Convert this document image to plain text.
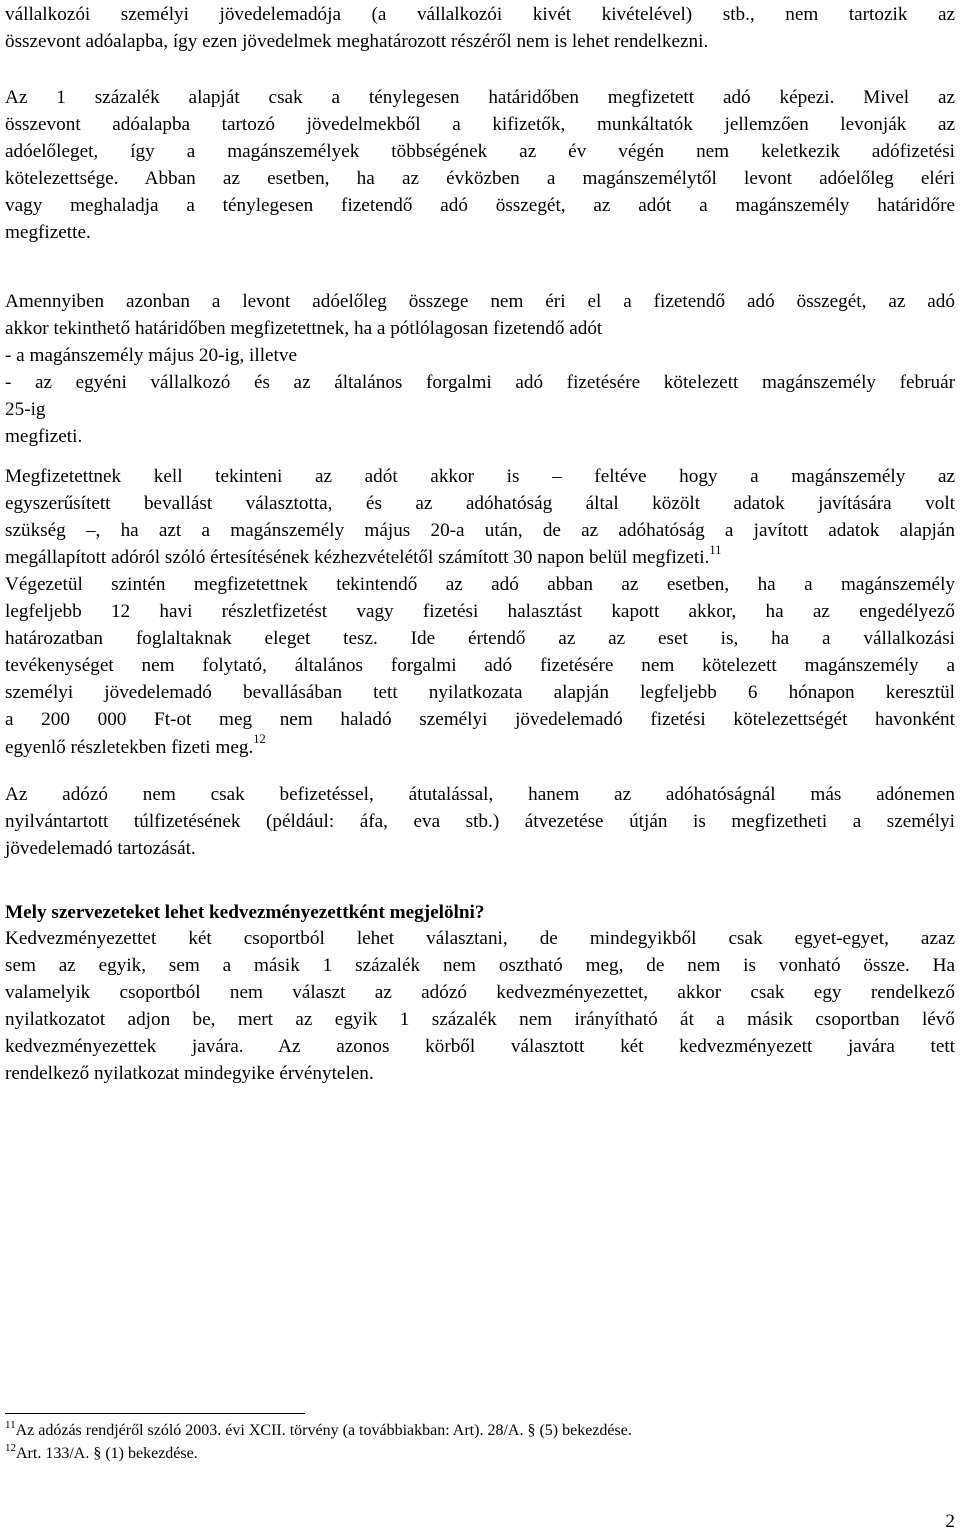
vállalkozói személyi jövedelemadója (a vállalkozói kivét kivételével) stb., nem tartozik az
összevont adóalapba, így ezen jövedelmek meghatározott részéről nem is lehet rendelkezni.

Az 1 százalék alapját csak a ténylegesen határidőben megfizetett adó képezi. Mivel az
összevont adóalapba tartozó jövedelmekből a kifizetők, munkáltatók jellemzően levonják az
adóelőleget, így a magánszemélyek többségének az év végén nem keletkezik adófizetési
kötelezettsége. Abban az esetben, ha az évközben a magánszemélytől levont adóelőleg eléri
vagy meghaladja a ténylegesen fizetendő adó összegét, az adót a magánszemély határidőre
megfizette.

Amennyiben azonban a levont adóelőleg összege nem éri el a fizetendő adó összegét, az adó
akkor tekinthető határidőben megfizetettnek, ha a pótlólagosan fizetendő adót
- a magánszemély május 20-ig, illetve
- az egyéni vállalkozó és az általános forgalmi adó fizetésére kötelezett magánszemély február
25-ig
megfizeti.

Megfizetettnek kell tekinteni az adót akkor is – feltéve hogy a magánszemély az
egyszerűsített bevallást választotta, és az adóhatóság által közölt adatok javítására volt
szükség –, ha azt a magánszemély május 20-a után, de az adóhatóság a javított adatok alapján
megállapított adóról szóló értesítésének kézhezvételétől számított 30 napon belül megfizeti.$^{11}$

Végezetül szintén megfizetettnek tekintendő az adó abban az esetben, ha a magánszemély
legfeljebb 12 havi részletfizetést vagy fizetési halasztást kapott akkor, ha az engedélyező
határozatban foglaltaknak eleget tesz. Ide értendő az az eset is, ha a vállalkozási
tevékenységet nem folytató, általános forgalmi adó fizetésére nem kötelezett magánszemély a
személyi jövedelemadó bevallásában tett nyilatkozata alapján legfeljebb 6 hónapon keresztül
a 200 000 Ft-ot meg nem haladó személyi jövedelemadó fizetési kötelezettségét havonként
egyenlő részletekben fizeti meg.$^{12}$

Az adózó nem csak befizetéssel, átutalással, hanem az adóhatóságnál más adónemen
nyilvántartott túlfizetésének (például: áfa, eva stb.) átvezetése útján is megfizetheti a személyi
jövedelemadó tartozását.

Mely szervezeteket lehet kedvezményezettként megjelölni?

Kedvezményezettet két csoportból lehet választani, de mindegyikből csak egyet-egyet, azaz
sem az egyik, sem a másik 1 százalék nem osztható meg, de nem is vonható össze. Ha
valamelyik csoportból nem választ az adózó kedvezményezettet, akkor csak egy rendelkező
nyilatkozatot adjon be, mert az egyik 1 százalék nem irányítható át a másik csoportban lévő
kedvezményezettek javára. Az azonos körből választott két kedvezményezett javára tett
rendelkező nyilatkozat mindegyike érvénytelen.

$^{11}$Az adózás rendjéről szóló 2003. évi XCII. törvény (a továbbiakban: Art). 28/A. § (5) bekezdése.

$^{12}$Art. 133/A. § (1) bekezdése.

2
